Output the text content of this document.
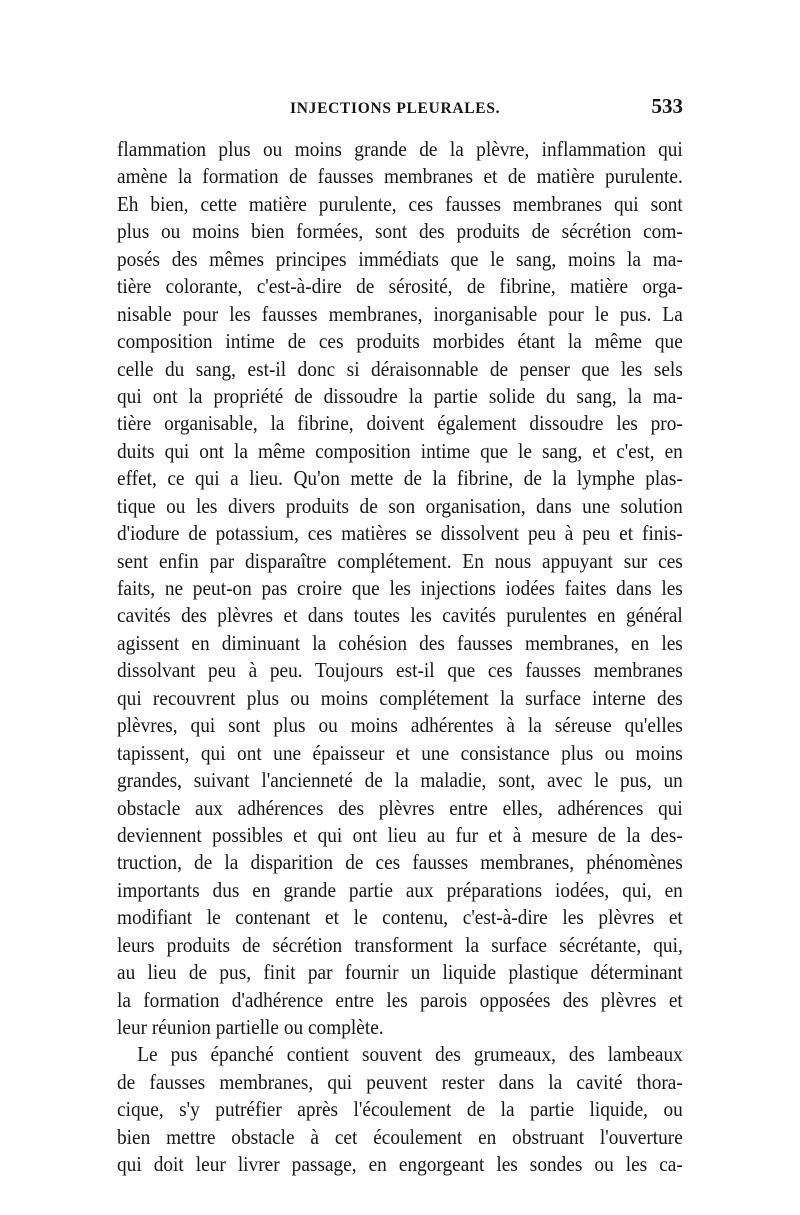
INJECTIONS PLEURALES.	533
flammation plus ou moins grande de la plèvre, inflammation qui
amène la formation de fausses membranes et de matière purulente.
Eh bien, cette matière purulente, ces fausses membranes qui sont
plus ou moins bien formées, sont des produits de sécrétion com-
posés des mêmes principes immédiats que le sang, moins la ma-
tière colorante, c'est-à-dire de sérosité, de fibrine, matière orga-
nisable pour les fausses membranes, inorganisable pour le pus. La
composition intime de ces produits morbides étant la même que
celle du sang, est-il donc si déraisonnable de penser que les sels
qui ont la propriété de dissoudre la partie solide du sang, la ma-
tière organisable, la fibrine, doivent également dissoudre les pro-
duits qui ont la même composition intime que le sang, et c'est, en
effet, ce qui a lieu. Qu'on mette de la fibrine, de la lymphe plas-
tique ou les divers produits de son organisation, dans une solution
d'iodure de potassium, ces matières se dissolvent peu à peu et finis-
sent enfin par disparaître complétement. En nous appuyant sur ces
faits, ne peut-on pas croire que les injections iodées faites dans les
cavités des plèvres et dans toutes les cavités purulentes en général
agissent en diminuant la cohésion des fausses membranes, en les
dissolvant peu à peu. Toujours est-il que ces fausses membranes
qui recouvrent plus ou moins complétement la surface interne des
plèvres, qui sont plus ou moins adhérentes à la séreuse qu'elles
tapissent, qui ont une épaisseur et une consistance plus ou moins
grandes, suivant l'ancienneté de la maladie, sont, avec le pus, un
obstacle aux adhérences des plèvres entre elles, adhérences qui
deviennent possibles et qui ont lieu au fur et à mesure de la des-
truction, de la disparition de ces fausses membranes, phénomènes
importants dus en grande partie aux préparations iodées, qui, en
modifiant le contenant et le contenu, c'est-à-dire les plèvres et
leurs produits de sécrétion transforment la surface sécrétante, qui,
au lieu de pus, finit par fournir un liquide plastique déterminant
la formation d'adhérence entre les parois opposées des plèvres et
leur réunion partielle ou complète.
Le pus épanché contient souvent des grumeaux, des lambeaux
de fausses membranes, qui peuvent rester dans la cavité thora-
cique, s'y putréfier après l'écoulement de la partie liquide, ou
bien mettre obstacle à cet écoulement en obstruant l'ouverture
qui doit leur livrer passage, en engorgeant les sondes ou les ca-
